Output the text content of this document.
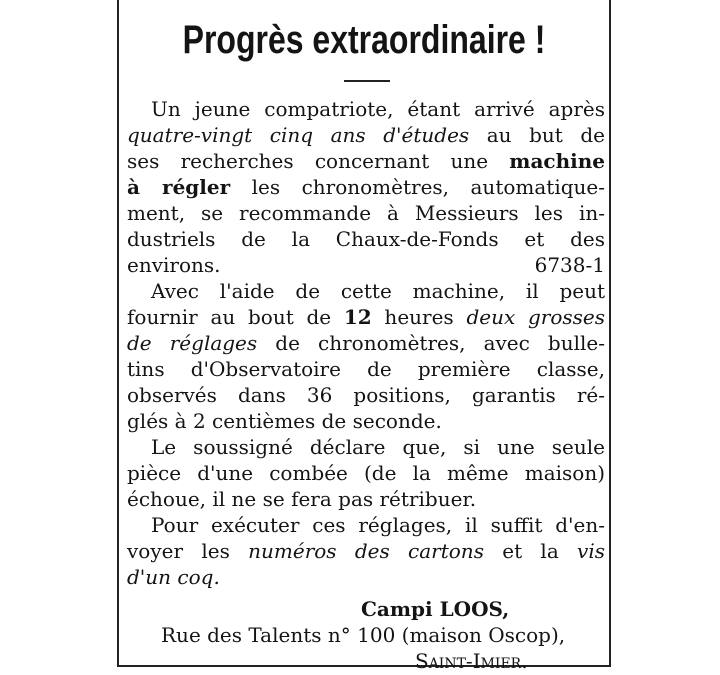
Progrès extraordinaire !
Un jeune compatriote, étant arrivé après
quatre-vingt cinq ans d'études au but de
ses recherches concernant une machine
à régler les chronomètres, automatique-
ment, se recommande à Messieurs les in-
dustriels de la Chaux-de-Fonds et des
environs.	6738-1
Avec l'aide de cette machine, il peut
fournir au bout de 12 heures deux grosses
de réglages de chronomètres, avec bulle-
tins d'Observatoire de première classe,
observés dans 36 positions, garantis ré-
glés à 2 centièmes de seconde.
Le soussigné déclare que, si une seule
pièce d'une combée (de la même maison)
échoue, il ne se fera pas rétribuer.
Pour exécuter ces réglages, il suffit d'en-
voyer les numéros des cartons et la vis
d'un coq.
Campi LOOS,
Rue des Talents n° 100 (maison Oscop),
Saint-Imier.
